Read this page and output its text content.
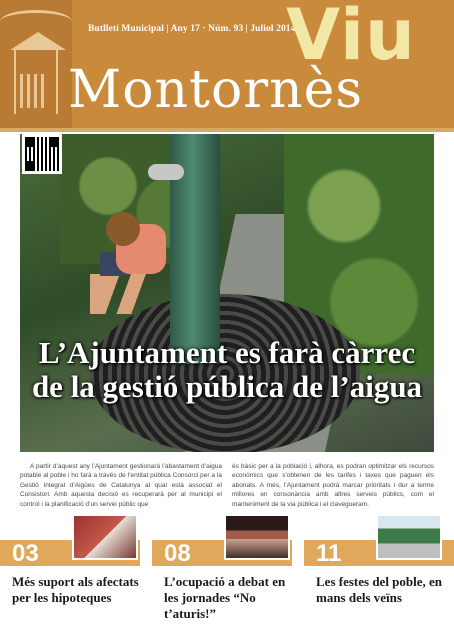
Butlletí Municipal | Any 17 · Núm. 93 | Juliol 2014
Viu
Montornès
L’Ajuntament es farà càrrec de la gestió pública de l’aigua
A partir d’aquest any l’Ajuntament gestionarà l’abastament d’aigua potable al poble i ho farà a través de l’entitat pública Consorci per a la Gestió Integral d’Aigües de Catalunya al qual està associat el Consistori. Amb aquesta decisió es recuperarà per al municipi el control i la planificació d’un servei públic que
és bàsic per a la població i, alhora, es podran optimitzar els recursos econòmics que s’obtenen de les tarifes i taxes que paguen els abonats. A més, l’Ajuntament podrà marcar prioritats i dur a terme millores en consonància amb altres serveis públics, com el manteniment de la via pública i el clavegueram.
03
Més suport als afectats per les hipoteques
08
L’ocupació a debat en les jornades “No t’aturis!”
11
Les festes del poble, en mans dels veïns
